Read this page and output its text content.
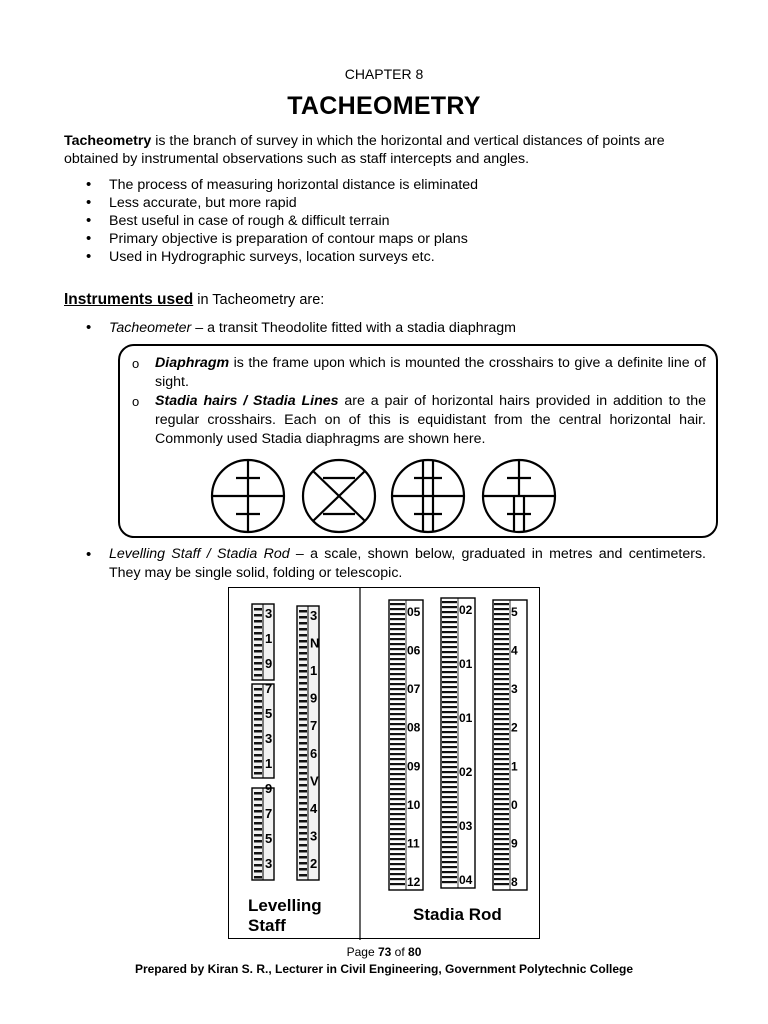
CHAPTER 8
TACHEOMETRY

Tacheometry is the branch of survey in which the horizontal and vertical distances of points are obtained by instrumental observations such as staff intercepts and angles.

• The process of measuring horizontal distance is eliminated
• Less accurate, but more rapid
• Best useful in case of rough & difficult terrain
• Primary objective is preparation of contour maps or plans
• Used in Hydrographic surveys, location surveys etc.
Instruments used in Tacheometry are:
• Tacheometer – a transit Theodolite fitted with a stadia diaphragm
o Diaphragm is the frame upon which is mounted the crosshairs to give a definite line of sight.
o Stadia hairs / Stadia Lines are a pair of horizontal hairs provided in addition to the regular crosshairs. Each on of this is equidistant from the central horizontal hair. Commonly used Stadia diaphragms are shown here.
• Levelling Staff / Stadia Rod – a scale, shown below, graduated in metres and centimeters. They may be single solid, folding or telescopic.
3
1
9
7
5
3
1
9
7
5
3
3
N
1
9
7
6
V
4
3
2
05
06
07
08
09
10
11
12
02
01
01
02
03
04
5
4
3
2
1
0
9
8
Levelling
Staff
Stadia Rod
Page 73 of 80
Prepared by Kiran S. R., Lecturer in Civil Engineering, Government Polytechnic College
